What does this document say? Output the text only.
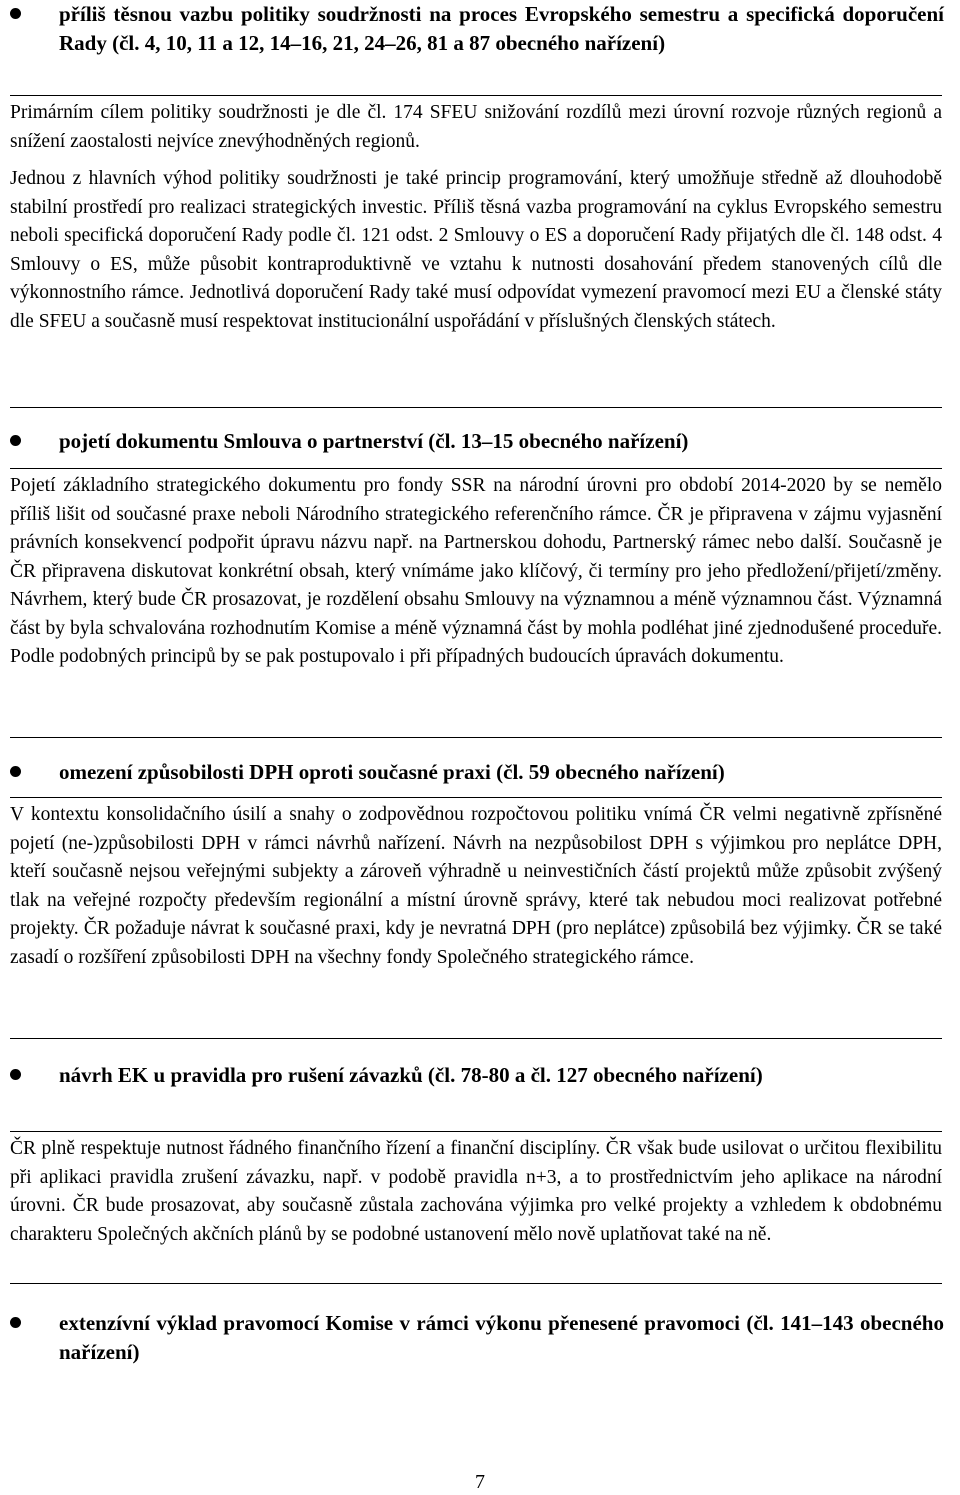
příliš těsnou vazbu politiky soudržnosti na proces Evropského semestru a specifická doporučení Rady (čl. 4, 10, 11 a 12, 14–16, 21, 24–26, 81 a 87 obecného nařízení)

Primárním cílem politiky soudržnosti je dle čl. 174 SFEU snižování rozdílů mezi úrovní rozvoje různých regionů a snížení zaostalosti nejvíce znevýhodněných regionů.

Jednou z hlavních výhod politiky soudržnosti je také princip programování, který umožňuje středně až dlouhodobě stabilní prostředí pro realizaci strategických investic. Příliš těsná vazba programování na cyklus Evropského semestru neboli specifická doporučení Rady podle čl. 121 odst. 2 Smlouvy o ES a doporučení Rady přijatých dle čl. 148 odst. 4 Smlouvy o ES, může působit kontraproduktivně ve vztahu k nutnosti dosahování předem stanovených cílů dle výkonnostního rámce. Jednotlivá doporučení Rady také musí odpovídat vymezení pravomocí mezi EU a členské státy dle SFEU a současně musí respektovat institucionální uspořádání v příslušných členských státech.

pojetí dokumentu Smlouva o partnerství (čl. 13–15 obecného nařízení)

Pojetí základního strategického dokumentu pro fondy SSR na národní úrovni pro období 2014-2020 by se nemělo příliš lišit od současné praxe neboli Národního strategického referenčního rámce. ČR je připravena v zájmu vyjasnění právních konsekvencí podpořit úpravu názvu např. na Partnerskou dohodu, Partnerský rámec nebo další. Současně je ČR připravena diskutovat konkrétní obsah, který vnímáme jako klíčový, či termíny pro jeho předložení/přijetí/změny. Návrhem, který bude ČR prosazovat, je rozdělení obsahu Smlouvy na významnou a méně významnou část. Významná část by byla schvalována rozhodnutím Komise a méně významná část by mohla podléhat jiné zjednodušené proceduře. Podle podobných principů by se pak postupovalo i při případných budoucích úpravách dokumentu.

omezení způsobilosti DPH oproti současné praxi (čl. 59 obecného nařízení)

V kontextu konsolidačního úsilí a snahy o zodpovědnou rozpočtovou politiku vnímá ČR velmi negativně zpřísněné pojetí (ne-)způsobilosti DPH v rámci návrhů nařízení. Návrh na nezpůsobilost DPH s výjimkou pro neplátce DPH, kteří současně nejsou veřejnými subjekty a zároveň výhradně u neinvestičních částí projektů může způsobit zvýšený tlak na veřejné rozpočty především regionální a místní úrovně správy, které tak nebudou moci realizovat potřebné projekty. ČR požaduje návrat k současné praxi, kdy je nevratná DPH (pro neplátce) způsobilá bez výjimky. ČR se také zasadí o rozšíření způsobilosti DPH na všechny fondy Společného strategického rámce.

návrh EK u pravidla pro rušení závazků (čl. 78-80 a čl. 127 obecného nařízení)

ČR plně respektuje nutnost řádného finančního řízení a finanční disciplíny. ČR však bude usilovat o určitou flexibilitu při aplikaci pravidla zrušení závazku, např. v podobě pravidla n+3, a to prostřednictvím jeho aplikace na národní úrovni. ČR bude prosazovat, aby současně zůstala zachována výjimka pro velké projekty a vzhledem k obdobnému charakteru Společných akčních plánů by se podobné ustanovení mělo nově uplatňovat také na ně.

extenzívní výklad pravomocí Komise v rámci výkonu přenesené pravomoci (čl. 141–143 obecného nařízení)
7
